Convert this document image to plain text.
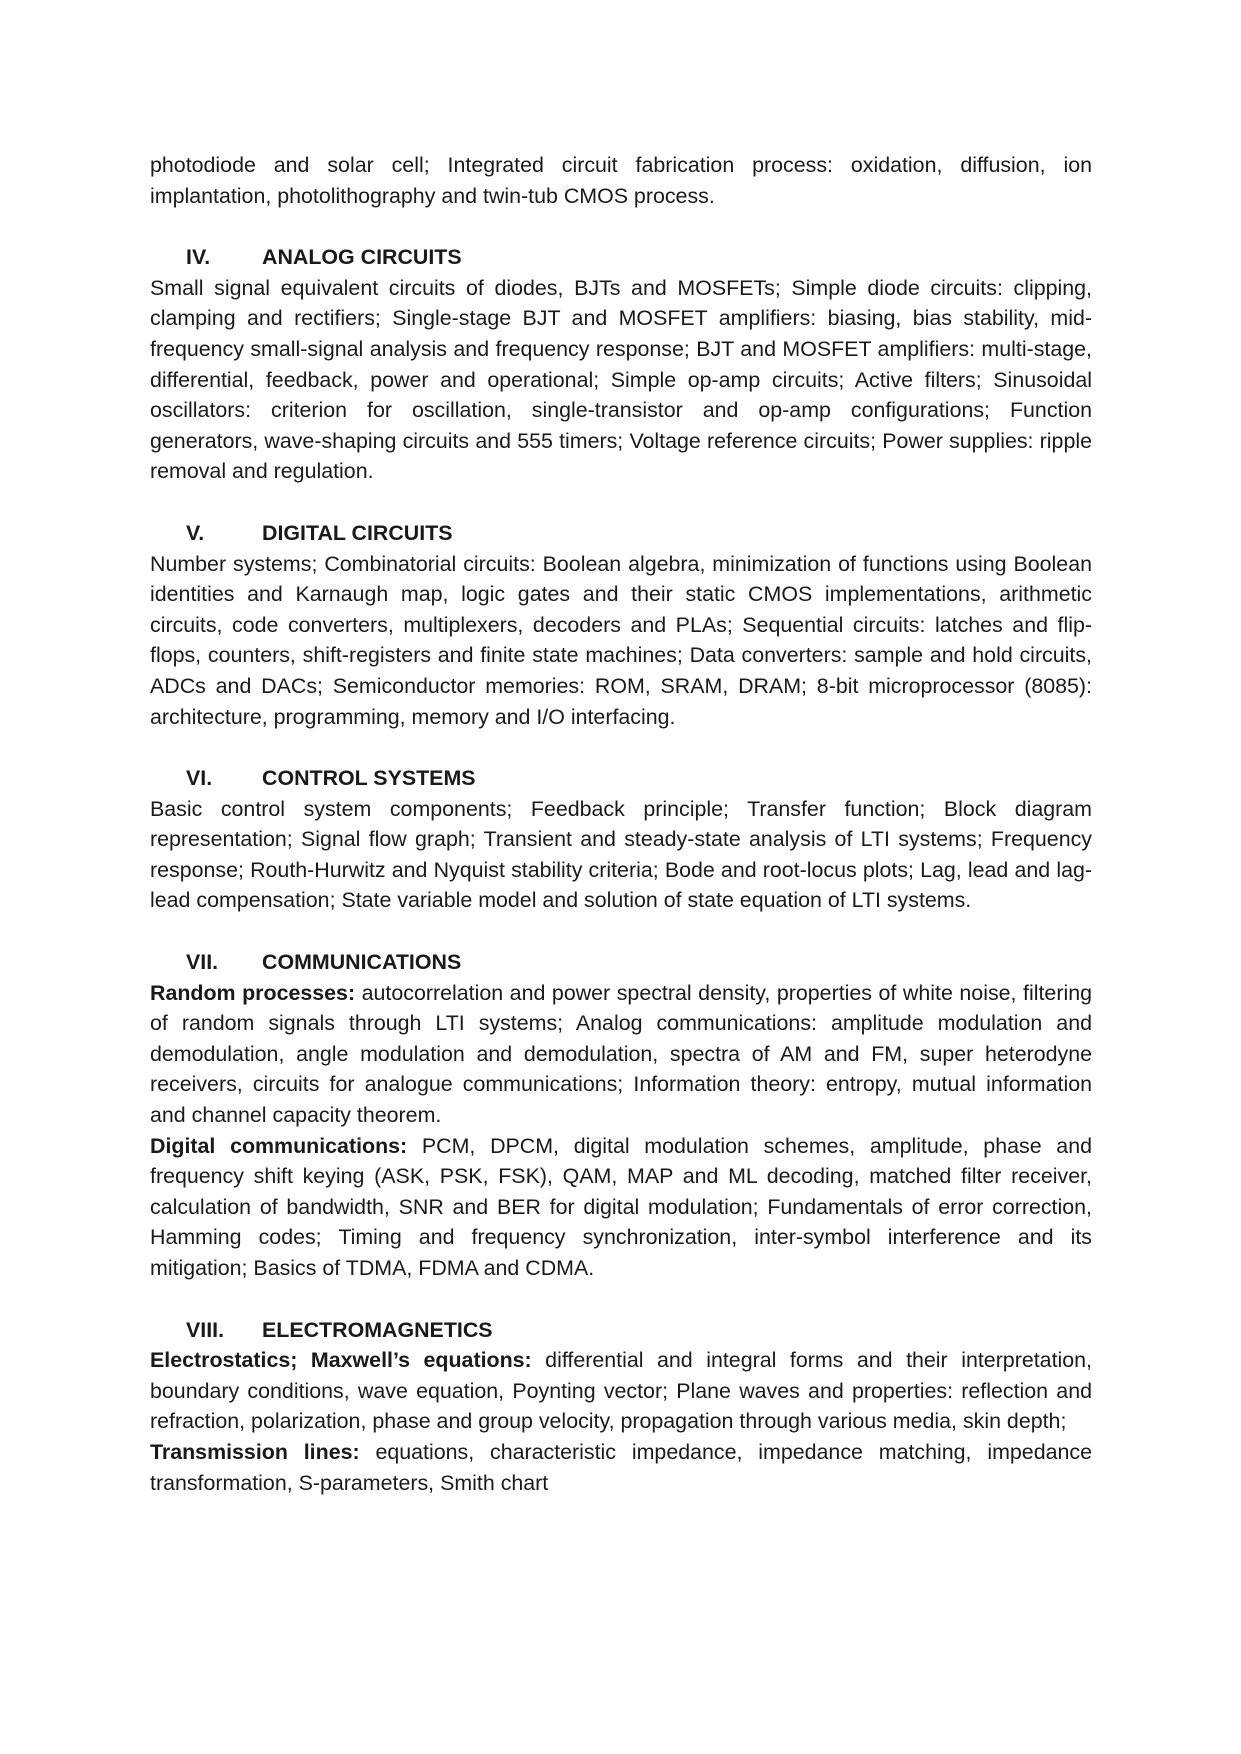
photodiode and solar cell; Integrated circuit fabrication process: oxidation, diffusion, ion implantation, photolithography and twin-tub CMOS process.

IV.	ANALOG CIRCUITS

Small signal equivalent circuits of diodes, BJTs and MOSFETs; Simple diode circuits: clipping, clamping and rectifiers; Single-stage BJT and MOSFET amplifiers: biasing, bias stability, mid-frequency small-signal analysis and frequency response; BJT and MOSFET amplifiers: multi-stage, differential, feedback, power and operational; Simple op-amp circuits; Active filters; Sinusoidal oscillators: criterion for oscillation, single-transistor and op-amp configurations; Function generators, wave-shaping circuits and 555 timers; Voltage reference circuits; Power supplies: ripple removal and regulation.

V.	DIGITAL CIRCUITS

Number systems; Combinatorial circuits: Boolean algebra, minimization of functions using Boolean identities and Karnaugh map, logic gates and their static CMOS implementations, arithmetic circuits, code converters, multiplexers, decoders and PLAs; Sequential circuits: latches and flip-flops, counters, shift-registers and finite state machines; Data converters: sample and hold circuits, ADCs and DACs; Semiconductor memories: ROM, SRAM, DRAM; 8-bit microprocessor (8085): architecture, programming, memory and I/O interfacing.

VI.	CONTROL SYSTEMS

Basic control system components; Feedback principle; Transfer function; Block diagram representation; Signal flow graph; Transient and steady-state analysis of LTI systems; Frequency response; Routh-Hurwitz and Nyquist stability criteria; Bode and root-locus plots; Lag, lead and lag-lead compensation; State variable model and solution of state equation of LTI systems.

VII.	COMMUNICATIONS

Random processes: autocorrelation and power spectral density, properties of white noise, filtering of random signals through LTI systems; Analog communications: amplitude modulation and demodulation, angle modulation and demodulation, spectra of AM and FM, super heterodyne receivers, circuits for analogue communications; Information theory: entropy, mutual information and channel capacity theorem.

Digital communications: PCM, DPCM, digital modulation schemes, amplitude, phase and frequency shift keying (ASK, PSK, FSK), QAM, MAP and ML decoding, matched filter receiver, calculation of bandwidth, SNR and BER for digital modulation; Fundamentals of error correction, Hamming codes; Timing and frequency synchronization, inter-symbol interference and its mitigation; Basics of TDMA, FDMA and CDMA.

VIII.	ELECTROMAGNETICS

Electrostatics; Maxwell’s equations: differential and integral forms and their interpretation, boundary conditions, wave equation, Poynting vector; Plane waves and properties: reflection and refraction, polarization, phase and group velocity, propagation through various media, skin depth;

Transmission lines: equations, characteristic impedance, impedance matching, impedance transformation, S-parameters, Smith chart
